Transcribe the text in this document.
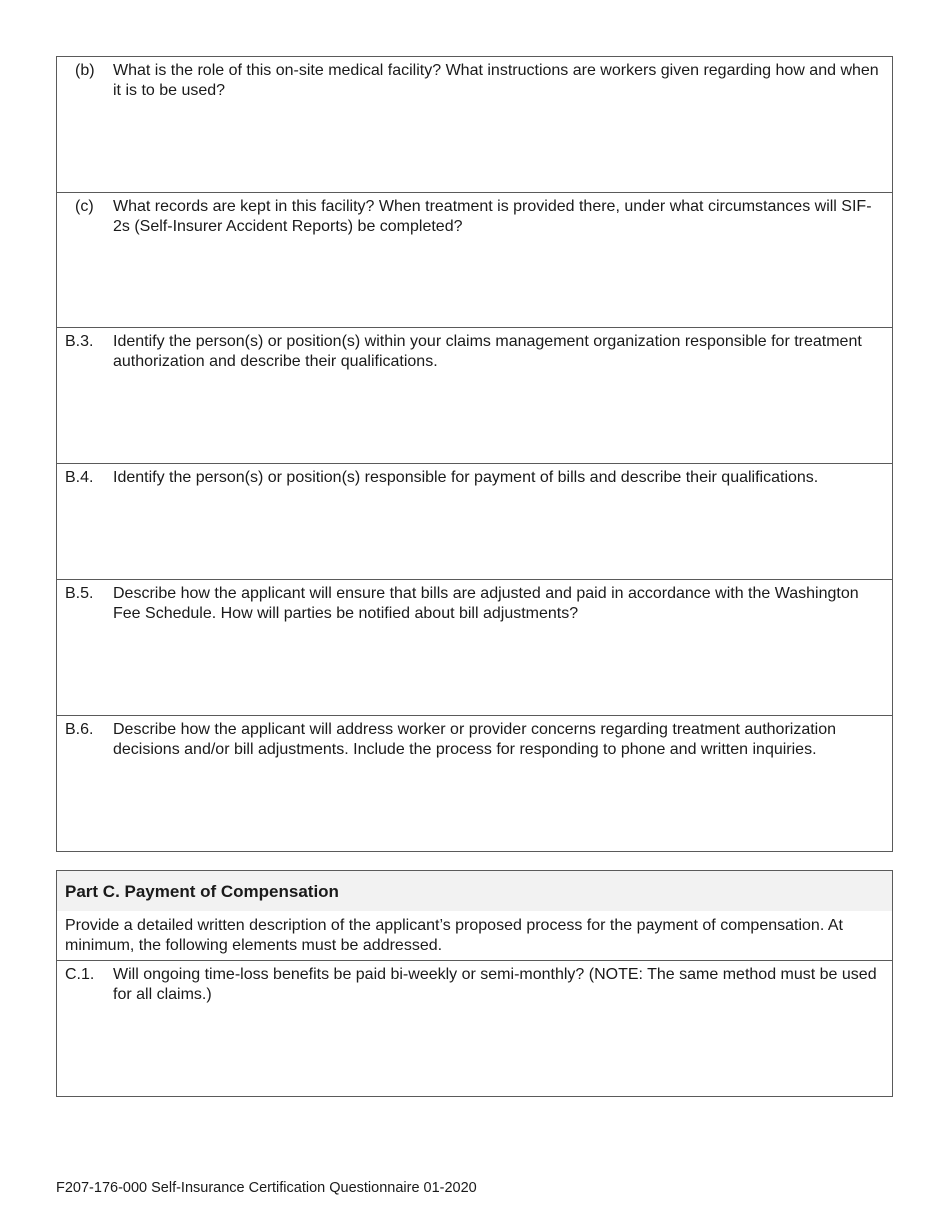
(b)	What is the role of this on-site medical facility? What instructions are workers given regarding how and when it is to be used?
(c)	What records are kept in this facility? When treatment is provided there, under what circumstances will SIF-2s (Self-Insurer Accident Reports) be completed?
B.3.	Identify the person(s) or position(s) within your claims management organization responsible for treatment authorization and describe their qualifications.
B.4.	Identify the person(s) or position(s) responsible for payment of bills and describe their qualifications.
B.5.	Describe how the applicant will ensure that bills are adjusted and paid in accordance with the Washington Fee Schedule. How will parties be notified about bill adjustments?
B.6.	Describe how the applicant will address worker or provider concerns regarding treatment authorization decisions and/or bill adjustments. Include the process for responding to phone and written inquiries.
Part C. Payment of Compensation
Provide a detailed written description of the applicant’s proposed process for the payment of compensation. At minimum, the following elements must be addressed.
C.1.	Will ongoing time-loss benefits be paid bi-weekly or semi-monthly? (NOTE: The same method must be used for all claims.)
F207-176-000 Self-Insurance Certification Questionnaire 01-2020
